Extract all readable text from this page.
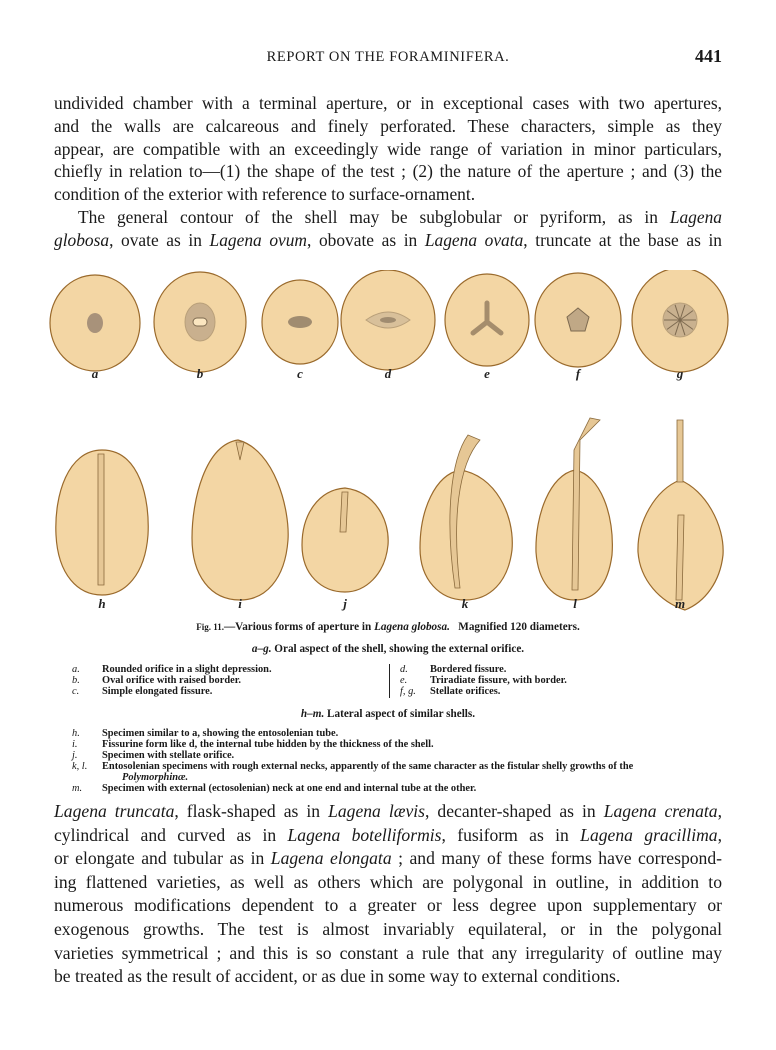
REPORT ON THE FORAMINIFERA.	441
undivided chamber with a terminal aperture, or in exceptional cases with two apertures,
and the walls are calcareous and finely perforated. These characters, simple as they
appear, are compatible with an exceedingly wide range of variation in minor particulars,
chiefly in relation to—(1) the shape of the test ; (2) the nature of the aperture ; and (3) the
condition of the exterior with reference to surface-ornament.
The general contour of the shell may be subglobular or pyriform, as in Lagena
globosa, ovate as in Lagena ovum, obovate as in Lagena ovata, truncate at the base as in
a	b	c	d	e	f	g
h	i	j	k	l	m
Fig. 11.—Various forms of aperture in Lagena globosa. Magnified 120 diameters.
a–g. Oral aspect of the shell, showing the external orifice.
a.	Rounded orifice in a slight depression.
b.	Oval orifice with raised border.
c.	Simple elongated fissure.
d.	Bordered fissure.
e.	Triradiate fissure, with border.
f, g.	Stellate orifices.
h–m. Lateral aspect of similar shells.
h.	Specimen similar to a, showing the entosolenian tube.
i.	Fissurine form like d, the internal tube hidden by the thickness of the shell.
j.	Specimen with stellate orifice.
k, l.	Entosolenian specimens with rough external necks, apparently of the same character as the fistular shelly growths of the
Polymorphinæ.
m.	Specimen with external (ectosolenian) neck at one end and internal tube at the other.
Lagena truncata, flask-shaped as in Lagena lævis, decanter-shaped as in Lagena crenata,
cylindrical and curved as in Lagena botelliformis, fusiform as in Lagena gracillima,
or elongate and tubular as in Lagena elongata ; and many of these forms have correspond-
ing flattened varieties, as well as others which are polygonal in outline, in addition to
numerous modifications dependent to a greater or less degree upon supplementary or
exogenous growths. The test is almost invariably equilateral, or in the polygonal
varieties symmetrical ; and this is so constant a rule that any irregularity of outline may
be treated as the result of accident, or as due in some way to external conditions.
